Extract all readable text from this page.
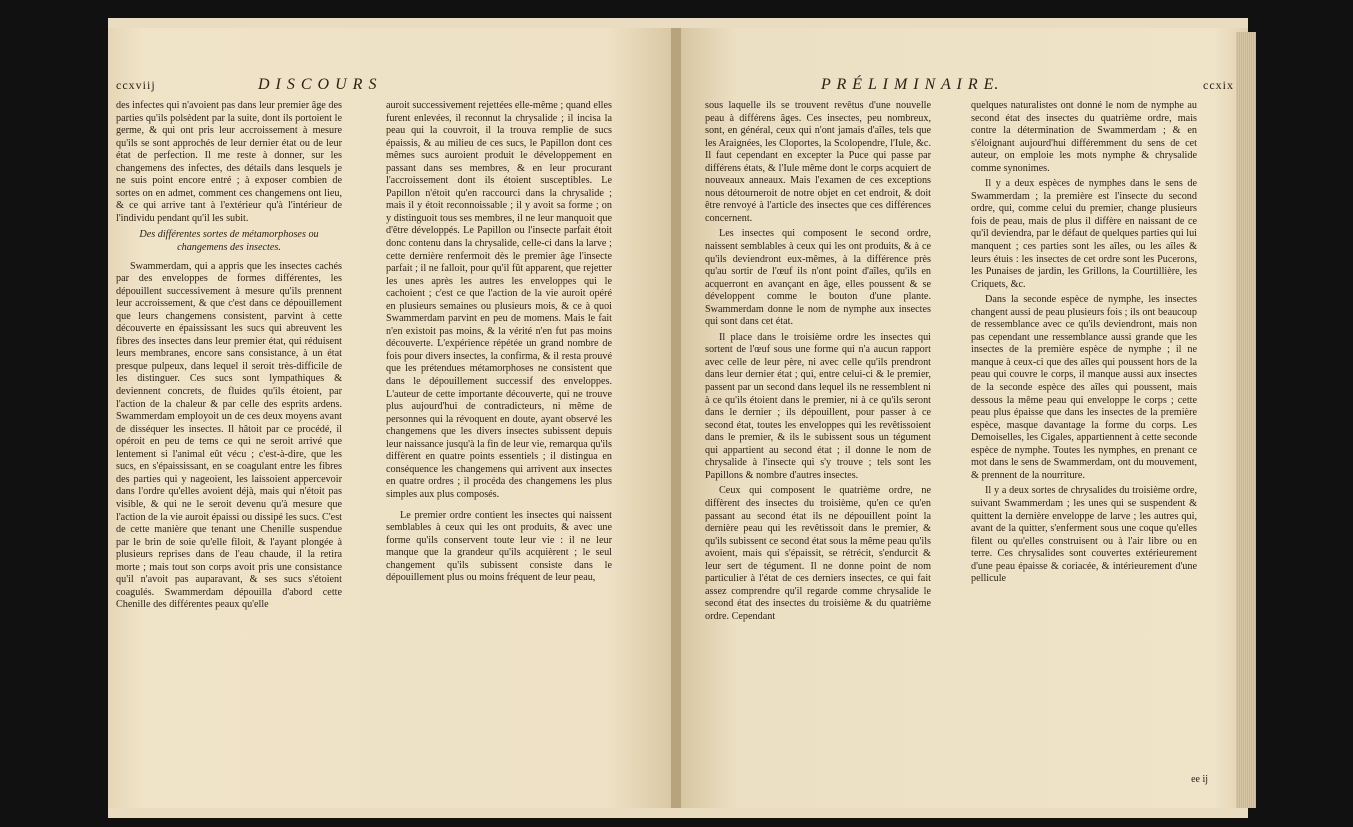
ccxviij	D I S C O U R S

des infectes qui n'avoient pas dans leur premier âge des parties qu'ils polsèdent par la suite, dont ils portoient le germe, & qui ont pris leur accroissement à mesure qu'ils se sont approchés de leur dernier état ou de leur état de perfection. Il me reste à donner, sur les changemens des infectes, des détails dans lesquels je ne suis point encore entré ; à exposer combien de sortes on en admet, comment ces changemens ont lieu, & ce qui arrive tant à l'extérieur qu'à l'intérieur de l'individu pendant qu'il les subit.

Des différentes sortes de métamorphoses ou changemens des insectes.

Swammerdam, qui a appris que les insectes cachés par des enveloppes de formes différentes, les dépouillent successivement à mesure qu'ils prennent leur accroissement, & que c'est dans ce dépouillement que leurs changemens consistent, parvint à cette découverte en épaississant les sucs qui abreuvent les fibres des insectes dans leur premier état, qui réduisent leurs membranes, encore sans consistance, à un état presque pulpeux, dans lequel il seroit très-difficile de les distinguer. Ces sucs sont lympathiques & deviennent concrets, de fluides qu'ils étoient, par l'action de la chaleur & par celle des esprits ardens. Swammerdam employoit un de ces deux moyens avant de disséquer les insectes. Il hâtoit par ce procédé, il opéroit en peu de tems ce qui ne seroit arrivé que lentement si l'animal eût vécu ; c'est-à-dire, que les sucs, en s'épaississant, en se coagulant entre les fibres des parties qui y nageoient, les laissoient appercevoir dans l'ordre qu'elles avoient déjà, mais qui n'étoit pas visible, & qui ne le seroit devenu qu'à mesure que l'action de la vie auroit épaissi ou dissipé les sucs. C'est de cette manière que tenant une Chenille suspendue par le brin de soie qu'elle filoit, & l'ayant plongée à plusieurs reprises dans de l'eau chaude, il la retira morte ; mais tout son corps avoit pris une consistance qu'il n'avoit pas auparavant, & ses sucs s'étoient coagulés. Swammerdam dépouilla d'abord cette Chenille des différentes peaux qu'elle

auroit successivement rejettées elle-même ; quand elles furent enlevées, il reconnut la chrysalide ; il incisa la peau qui la couvroit, il la trouva remplie de sucs épaissis, & au milieu de ces sucs, le Papillon dont ces mêmes sucs auroient produit le développement en passant dans ses membres, & en leur procurant l'accroissement dont ils étoient susceptibles. Le Papillon n'étoit qu'en raccourci dans la chrysalide ; mais il y étoit reconnoissable ; il y avoit sa forme ; on y distinguoit tous ses membres, il ne leur manquoit que d'être développés. Le Papillon ou l'insecte parfait étoit donc contenu dans la chrysalide, celle-ci dans la larve ; cette dernière renfermoit dès le premier âge l'insecte parfait ; il ne falloit, pour qu'il fût apparent, que rejetter les unes après les autres les enveloppes qui le cachoient ; c'est ce que l'action de la vie auroit opéré en plusieurs semaines ou plusieurs mois, & ce à quoi Swammerdam parvint en peu de momens. Mais le fait n'en existoit pas moins, & la vérité n'en fut pas moins découverte. L'expérience répétée un grand nombre de fois pour divers insectes, la confirma, & il resta prouvé que les prétendues métamorphoses ne consistent que dans le dépouillement successif des enveloppes. L'auteur de cette importante découverte, qui ne trouve plus aujourd'hui de contradicteurs, ni même de personnes qui la révoquent en doute, ayant observé les changemens que les divers insectes subissent depuis leur naissance jusqu'à la fin de leur vie, remarqua qu'ils diffèrent en quatre points essentiels ; il distingua en conséquence les changemens qui arrivent aux insectes en quatre ordres ; il procéda des changemens les plus simples aux plus composés.

Le premier ordre contient les insectes qui naissent semblables à ceux qui les ont produits, & avec une forme qu'ils conservent toute leur vie : il ne leur manque que la grandeur qu'ils acquièrent ; le seul changement qu'ils subissent consiste dans le dépouillement plus ou moins fréquent de leur peau,

P R É L I M I N A I R E.	ccxix

sous laquelle ils se trouvent revêtus d'une nouvelle peau à différens âges. Ces insectes, peu nombreux, sont, en général, ceux qui n'ont jamais d'aîles, tels que les Araignées, les Cloportes, la Scolopendre, l'Iule, &c. Il faut cependant en excepter la Puce qui passe par différens états, & l'Iule même dont le corps acquiert de nouveaux anneaux. Mais l'examen de ces exceptions nous détourneroit de notre objet en cet endroit, & doit être renvoyé à l'article des insectes que ces différences concernent.

Les insectes qui composent le second ordre, naissent semblables à ceux qui les ont produits, & à ce qu'ils deviendront eux-mêmes, à la différence près qu'au sortir de l'œuf ils n'ont point d'aîles, qu'ils en acquerront en avançant en âge, elles poussent & se développent comme le bouton d'une plante. Swammerdam donne le nom de nymphe aux insectes qui sont dans cet état.

Il place dans le troisième ordre les insectes qui sortent de l'œuf sous une forme qui n'a aucun rapport avec celle de leur père, ni avec celle qu'ils prendront dans leur dernier état ; qui, entre celui-ci & le premier, passent par un second dans lequel ils ne ressemblent ni à ce qu'ils étoient dans le premier, ni à ce qu'ils seront dans le dernier ; ils dépouillent, pour passer à ce second état, toutes les enveloppes qui les revêtissoient dans le premier, & ils le subissent sous un tégument qui appartient au second état ; il donne le nom de chrysalide à l'insecte qui s'y trouve ; tels sont les Papillons & nombre d'autres insectes.

Ceux qui composent le quatrième ordre, ne diffèrent des insectes du troisième, qu'en ce qu'en passant au second état ils ne dépouillent point la dernière peau qui les revêtissoit dans le premier, & qu'ils subissent ce second état sous la même peau qu'ils avoient, mais qui s'épaissit, se rétrécit, s'endurcit & leur sert de tégument. Il ne donne point de nom particulier à l'état de ces derniers insectes, ce qui fait assez comprendre qu'il regarde comme chrysalide le second état des insectes du troisième & du quatrième ordre. Cependant

quelques naturalistes ont donné le nom de nymphe au second état des insectes du quatrième ordre, mais contre la détermination de Swammerdam ; & en s'éloignant aujourd'hui différemment du sens de cet auteur, on emploie les mots nymphe & chrysalide comme synonimes.

Il y a deux espèces de nymphes dans le sens de Swammerdam ; la première est l'insecte du second ordre, qui, comme celui du premier, change plusieurs fois de peau, mais de plus il diffère en naissant de ce qu'il deviendra, par le défaut de quelques parties qui lui manquent ; ces parties sont les aîles, ou les aîles & leurs étuis : les insectes de cet ordre sont les Pucerons, les Punaises de jardin, les Grillons, la Courtillière, les Criquets, &c.

Dans la seconde espèce de nymphe, les insectes changent aussi de peau plusieurs fois ; ils ont beaucoup de ressemblance avec ce qu'ils deviendront, mais non pas cependant une ressemblance aussi grande que les insectes de la première espèce de nymphe ; il ne manque à ceux-ci que des aîles qui poussent hors de la peau qui couvre le corps, il manque aussi aux insectes de la seconde espèce des aîles qui poussent, mais dessous la même peau qui enveloppe le corps ; cette peau plus épaisse que dans les insectes de la première espèce, masque davantage la forme du corps. Les Demoiselles, les Cigales, appartiennent à cette seconde espèce de nymphe. Toutes les nymphes, en prenant ce mot dans le sens de Swammerdam, ont du mouvement, & prennent de la nourriture.

Il y a deux sortes de chrysalides du troisième ordre, suivant Swammerdam ; les unes qui se suspendent & quittent la dernière enveloppe de larve ; les autres qui, avant de la quitter, s'enferment sous une coque qu'elles filent ou qu'elles construisent ou à l'air libre ou en terre. Ces chrysalides sont couvertes extérieurement d'une peau épaisse & coriacée, & intérieurement d'une pellicule

ee ij
